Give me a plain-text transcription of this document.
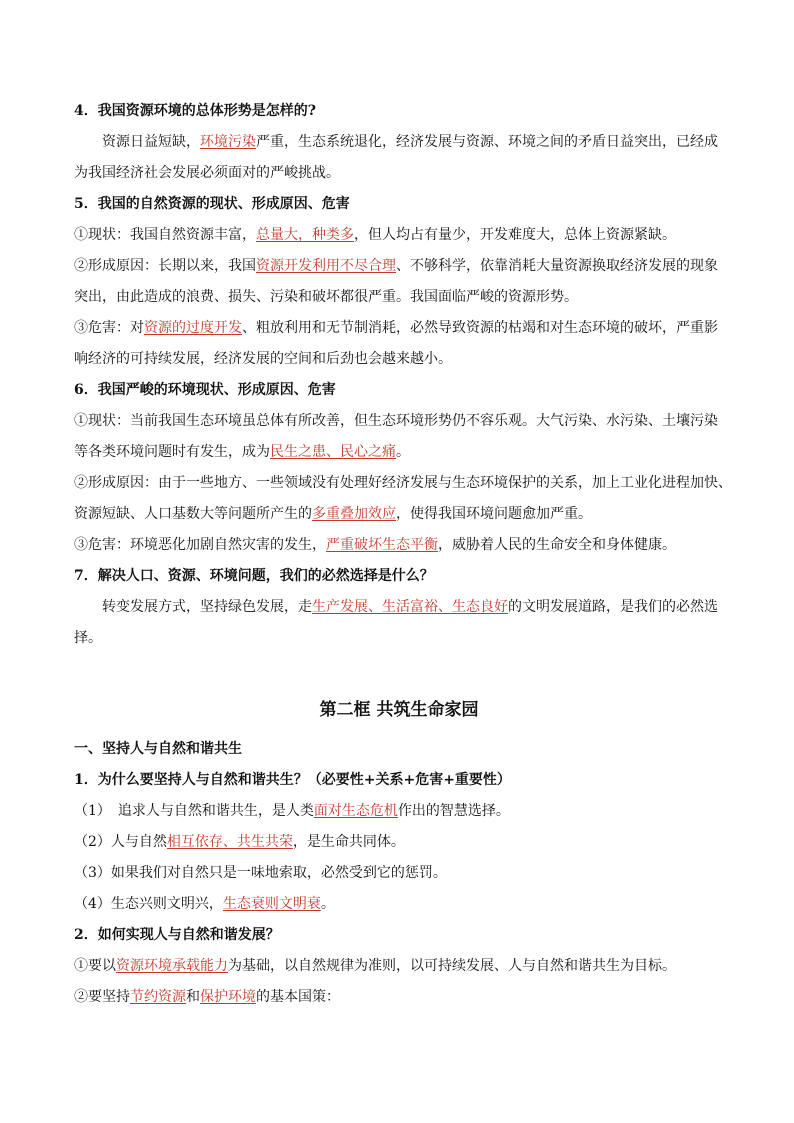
4．我国资源环境的总体形势是怎样的?
资源日益短缺，环境污染严重，生态系统退化，经济发展与资源、环境之间的矛盾日益突出，已经成
为我国经济社会发展必须面对的严峻挑战。
5．我国的自然资源的现状、形成原因、危害
①现状：我国自然资源丰富，总量大，种类多，但人均占有量少，开发难度大，总体上资源紧缺。
②形成原因：长期以来，我国资源开发利用不尽合理、不够科学，依靠消耗大量资源换取经济发展的现象
突出，由此造成的浪费、损失、污染和破坏都很严重。我国面临严峻的资源形势。
③危害：对资源的过度开发、粗放利用和无节制消耗，必然导致资源的枯竭和对生态环境的破坏，严重影
响经济的可持续发展，经济发展的空间和后劲也会越来越小。
6．我国严峻的环境现状、形成原因、危害
①现状：当前我国生态环境虽总体有所改善，但生态环境形势仍不容乐观。大气污染、水污染、土壤污染
等各类环境问题时有发生，成为民生之患、民心之痛。
②形成原因：由于一些地方、一些领域没有处理好经济发展与生态环境保护的关系，加上工业化进程加快、
资源短缺、人口基数大等问题所产生的多重叠加效应，使得我国环境问题愈加严重。
③危害：环境恶化加剧自然灾害的发生，严重破坏生态平衡，威胁着人民的生命安全和身体健康。
7．解决人口、资源、环境问题，我们的必然选择是什么？
转变发展方式，坚持绿色发展，走生产发展、生活富裕、生态良好的文明发展道路，是我们的必然选
择。
第二框 共筑生命家园
一、坚持人与自然和谐共生
1．为什么要坚持人与自然和谐共生？（必要性+关系+危害+重要性）
（1）　追求人与自然和谐共生，是人类面对生态危机作出的智慧选择。
（2）人与自然相互依存、共生共荣，是生命共同体。
（3）如果我们对自然只是一味地索取，必然受到它的惩罚。
（4）生态兴则文明兴，生态衰则文明衰。
2．如何实现人与自然和谐发展？
①要以资源环境承载能力为基础，以自然规律为准则，以可持续发展、人与自然和谐共生为目标。
②要坚持节约资源和保护环境的基本国策：
